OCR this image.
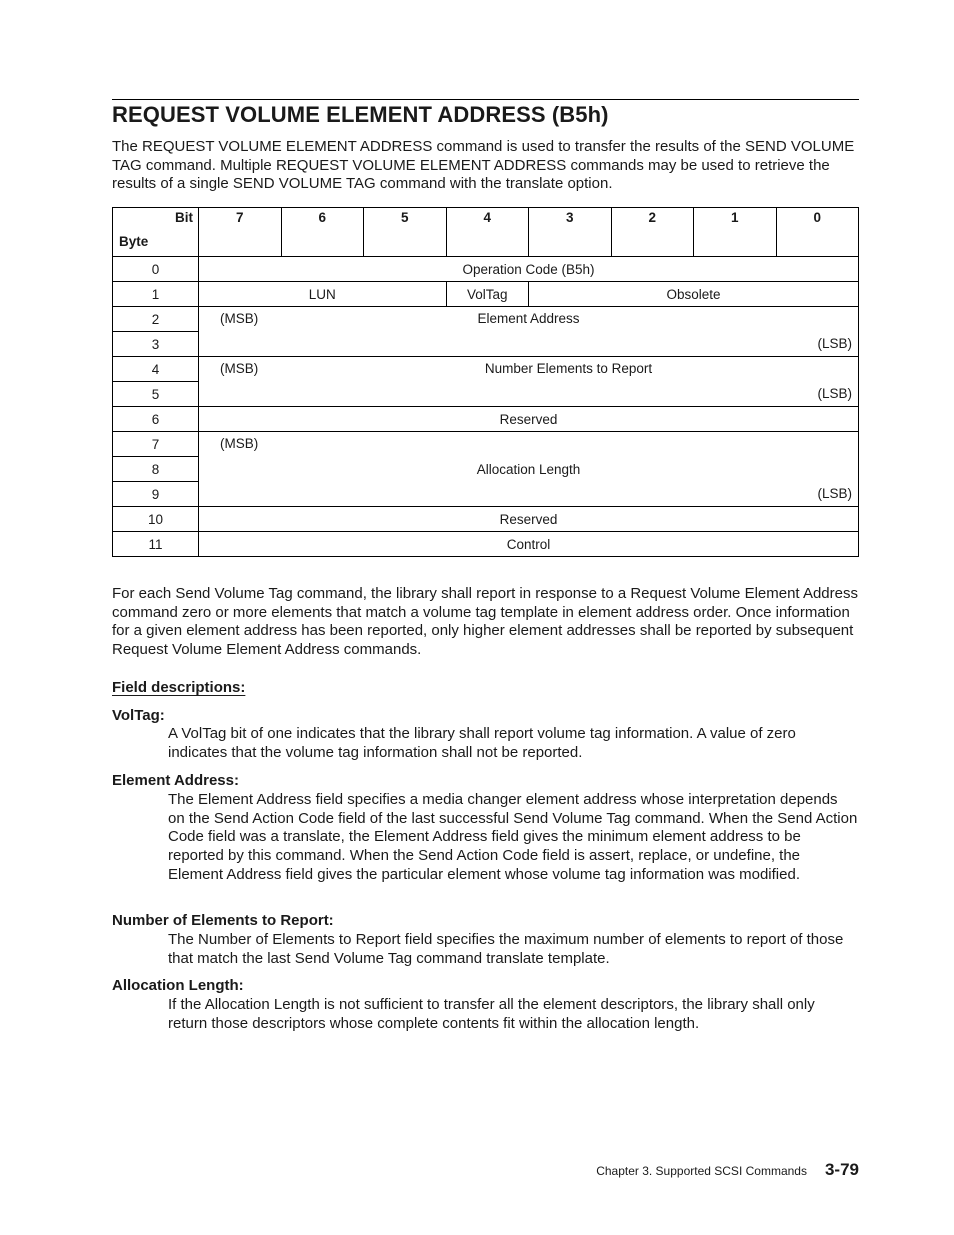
REQUEST VOLUME ELEMENT ADDRESS (B5h)

The REQUEST VOLUME ELEMENT ADDRESS command is used to transfer the results of the SEND VOLUME TAG command. Multiple REQUEST VOLUME ELEMENT ADDRESS commands may be used to retrieve the results of a single SEND VOLUME TAG command with the translate option.

Bit
Byte	7	6	5	4	3	2	1	0
0	Operation Code (B5h)							
1	LUN			VolTag	Obsolete			
2	(MSB) Element Address							

3	(LSB)							
4	(MSB) Number Elements to Report							

5	(LSB)							
6	Reserved							
7	(MSB)							

8	Allocation Length							
9	(LSB)							
10	Reserved							
11	Control							

For each Send Volume Tag command, the library shall report in response to a Request Volume Element Address command zero or more elements that match a volume tag template in element address order. Once information for a given element address has been reported, only higher element addresses shall be reported by subsequent Request Volume Element Address commands.

Field descriptions:

VolTag:

A VolTag bit of one indicates that the library shall report volume tag information. A value of zero indicates that the volume tag information shall not be reported.

Element Address:

The Element Address field specifies a media changer element address whose interpretation depends on the Send Action Code field of the last successful Send Volume Tag command. When the Send Action Code field was a translate, the Element Address field gives the minimum element address to be reported by this command. When the Send Action Code field is assert, replace, or undefine, the Element Address field gives the particular element whose volume tag information was modified.

Number of Elements to Report:

The Number of Elements to Report field specifies the maximum number of elements to report of those that match the last Send Volume Tag command translate template.

Allocation Length:

If the Allocation Length is not sufficient to transfer all the element descriptors, the library shall only return those descriptors whose complete contents fit within the allocation length.

Chapter 3. Supported SCSI Commands 3-79
